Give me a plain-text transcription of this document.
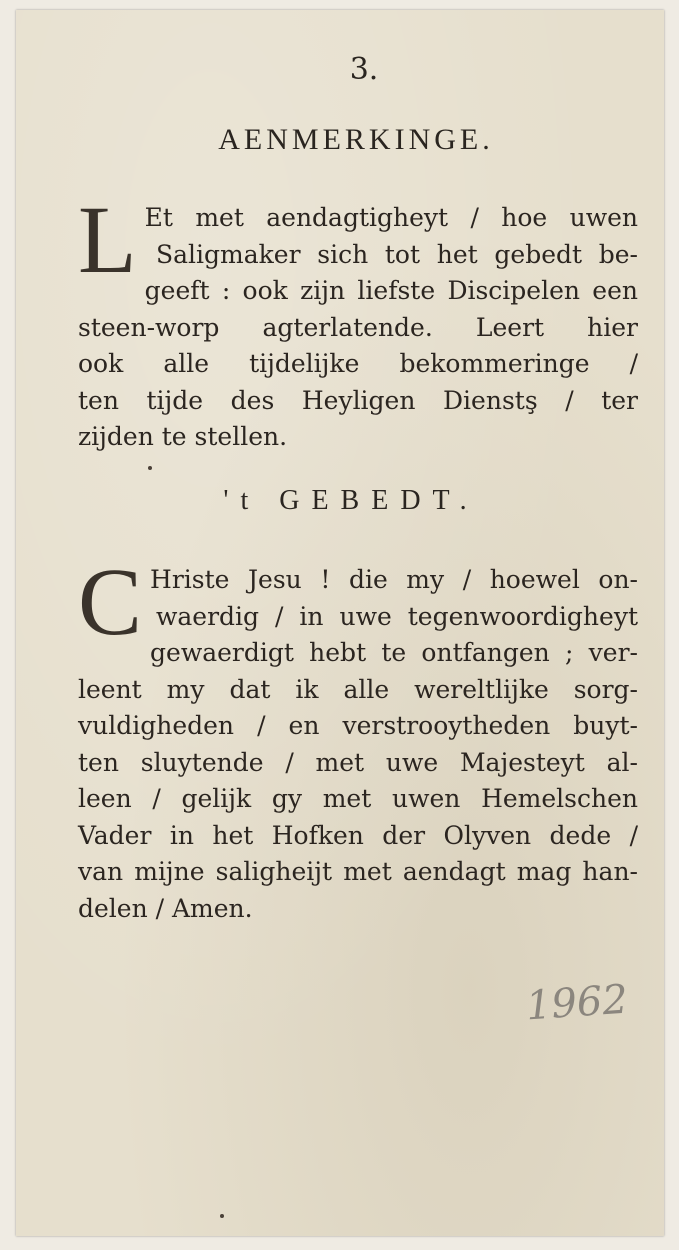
3.
AENMERKINGE.
L Et met aendagtigheyt / hoe uwen
Saligmaker sich tot het gebedt be-
geeft : ook zijn liefste Discipelen een
steen-worp agterlatende. Leert hier
ook alle tijdelijke bekommeringe /
ten tijde des Heyligen Dienstş / ter
zijden te stellen.
't GEBEDT.
C Hriste Jesu ! die my / hoewel on-
waerdig / in uwe tegenwoordigheyt
gewaerdigt hebt te ontfangen ; ver-
leent my dat ik alle wereltlijke sorg-
vuldigheden / en verstrooytheden buyt-
ten sluytende / met uwe Majesteyt al-
leen / gelijk gy met uwen Hemelschen
Vader in het Hofken der Olyven dede /
van mijne saligheijt met aendagt mag han-
delen / Amen.
1962
